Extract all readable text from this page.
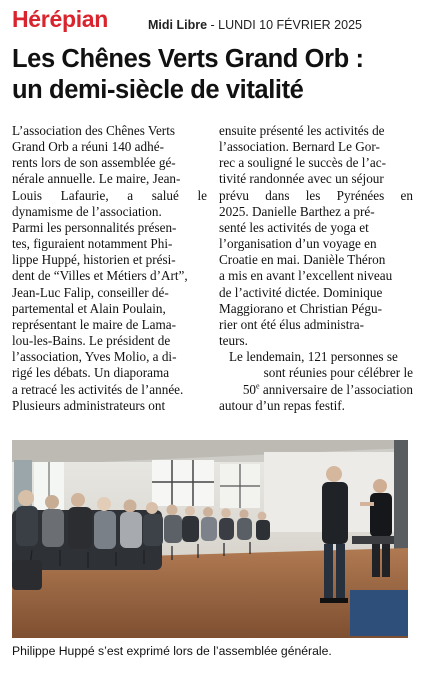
Hérépian	Midi Libre - LUNDI 10 FÉVRIER 2025
Les Chênes Verts Grand Orb :
un demi-siècle de vitalité

L’association des Chênes Verts

Grand Orb a réuni 140 adhé-

rents lors de son assemblée gé-

nérale annuelle. Le maire, Jean-

Louis Lafaurie, a salué le

dynamisme de l’association.

Parmi les personnalités présen-

tes, figuraient notamment Phi-

lippe Huppé, historien et prési-

dent de “Villes et Métiers d’Art”,

Jean-Luc Falip, conseiller dé-

partemental et Alain Poulain,

représentant le maire de Lama-

lou-les-Bains. Le président de

l’association, Yves Molio, a di-

rigé les débats. Un diaporama

a retracé les activités de l’année.

Plusieurs administrateurs ont

ensuite présenté les activités de

l’association. Bernard Le Gor-

rec a souligné le succès de l’ac-

tivité randonnée avec un séjour

prévu dans les Pyrénées en

2025. Danielle Barthez a pré-

senté les activités de yoga et

l’organisation d’un voyage en

Croatie en mai. Danièle Théron

a mis en avant l’excellent niveau

de l’activité dictée. Dominique

Maggiorano et Christian Pégu-

rier ont été élus administra-

teurs.

Le lendemain, 121 personnes se

sont réunies pour célébrer le

50e anniversaire de l’association

autour d’un repas festif.

Philippe Huppé s’est exprimé lors de l’assemblée générale.
